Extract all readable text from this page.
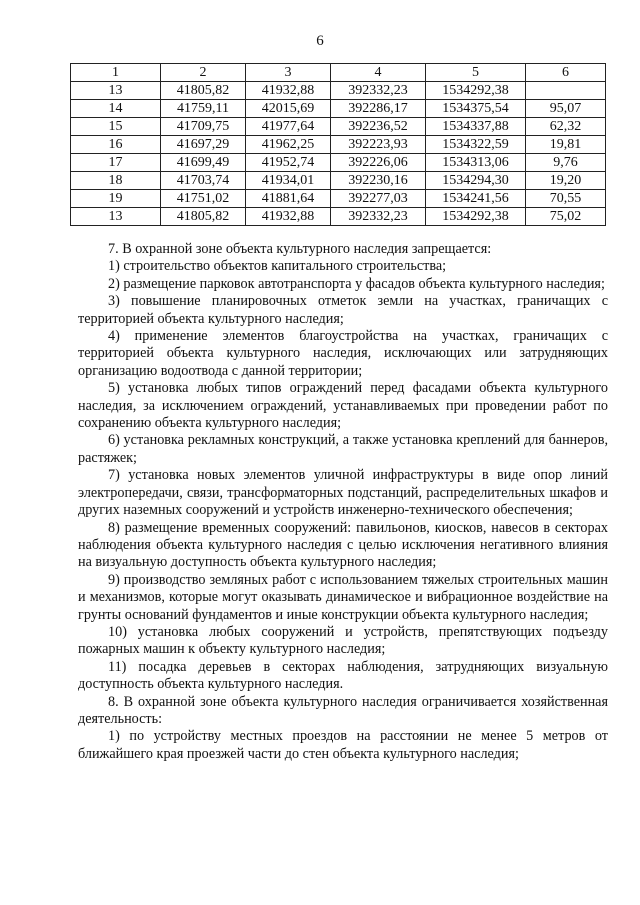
6
1	2	3	4	5	6
13	41805,82	41932,88	392332,23	1534292,38	
14	41759,11	42015,69	392286,17	1534375,54	95,07
15	41709,75	41977,64	392236,52	1534337,88	62,32
16	41697,29	41962,25	392223,93	1534322,59	19,81
17	41699,49	41952,74	392226,06	1534313,06	9,76
18	41703,74	41934,01	392230,16	1534294,30	19,20
19	41751,02	41881,64	392277,03	1534241,56	70,55
13	41805,82	41932,88	392332,23	1534292,38	75,02

7. В охранной зоне объекта культурного наследия запрещается:

1) строительство объектов капитального строительства;

2) размещение парковок автотранспорта у фасадов объекта культурного наследия;

3) повышение планировочных отметок земли на участках, граничащих с территорией объекта культурного наследия;

4) применение элементов благоустройства на участках, граничащих с территорией объекта культурного наследия, исключающих или затрудняющих организацию водоотвода с данной территории;

5) установка любых типов ограждений перед фасадами объекта культурного наследия, за исключением ограждений, устанавливаемых при проведении работ по сохранению объекта культурного наследия;

6) установка рекламных конструкций, а также установка креплений для баннеров, растяжек;

7) установка новых элементов уличной инфраструктуры в виде опор линий электропередачи, связи, трансформаторных подстанций, распределительных шкафов и других наземных сооружений и устройств инженерно-технического обеспечения;

8) размещение временных сооружений: павильонов, киосков, навесов в секторах наблюдения объекта культурного наследия с целью исключения негативного влияния на визуальную доступность объекта культурного наследия;

9) производство земляных работ с использованием тяжелых строительных машин и механизмов, которые могут оказывать динамическое и вибрационное воздействие на грунты оснований фундаментов и иные конструкции объекта культурного наследия;

10) установка любых сооружений и устройств, препятствующих подъезду пожарных машин к объекту культурного наследия;

11) посадка деревьев в секторах наблюдения, затрудняющих визуальную доступность объекта культурного наследия.

8. В охранной зоне объекта культурного наследия ограничивается хозяйственная деятельность:

1) по устройству местных проездов на расстоянии не менее 5 метров от ближайшего края проезжей части до стен объекта культурного наследия;
